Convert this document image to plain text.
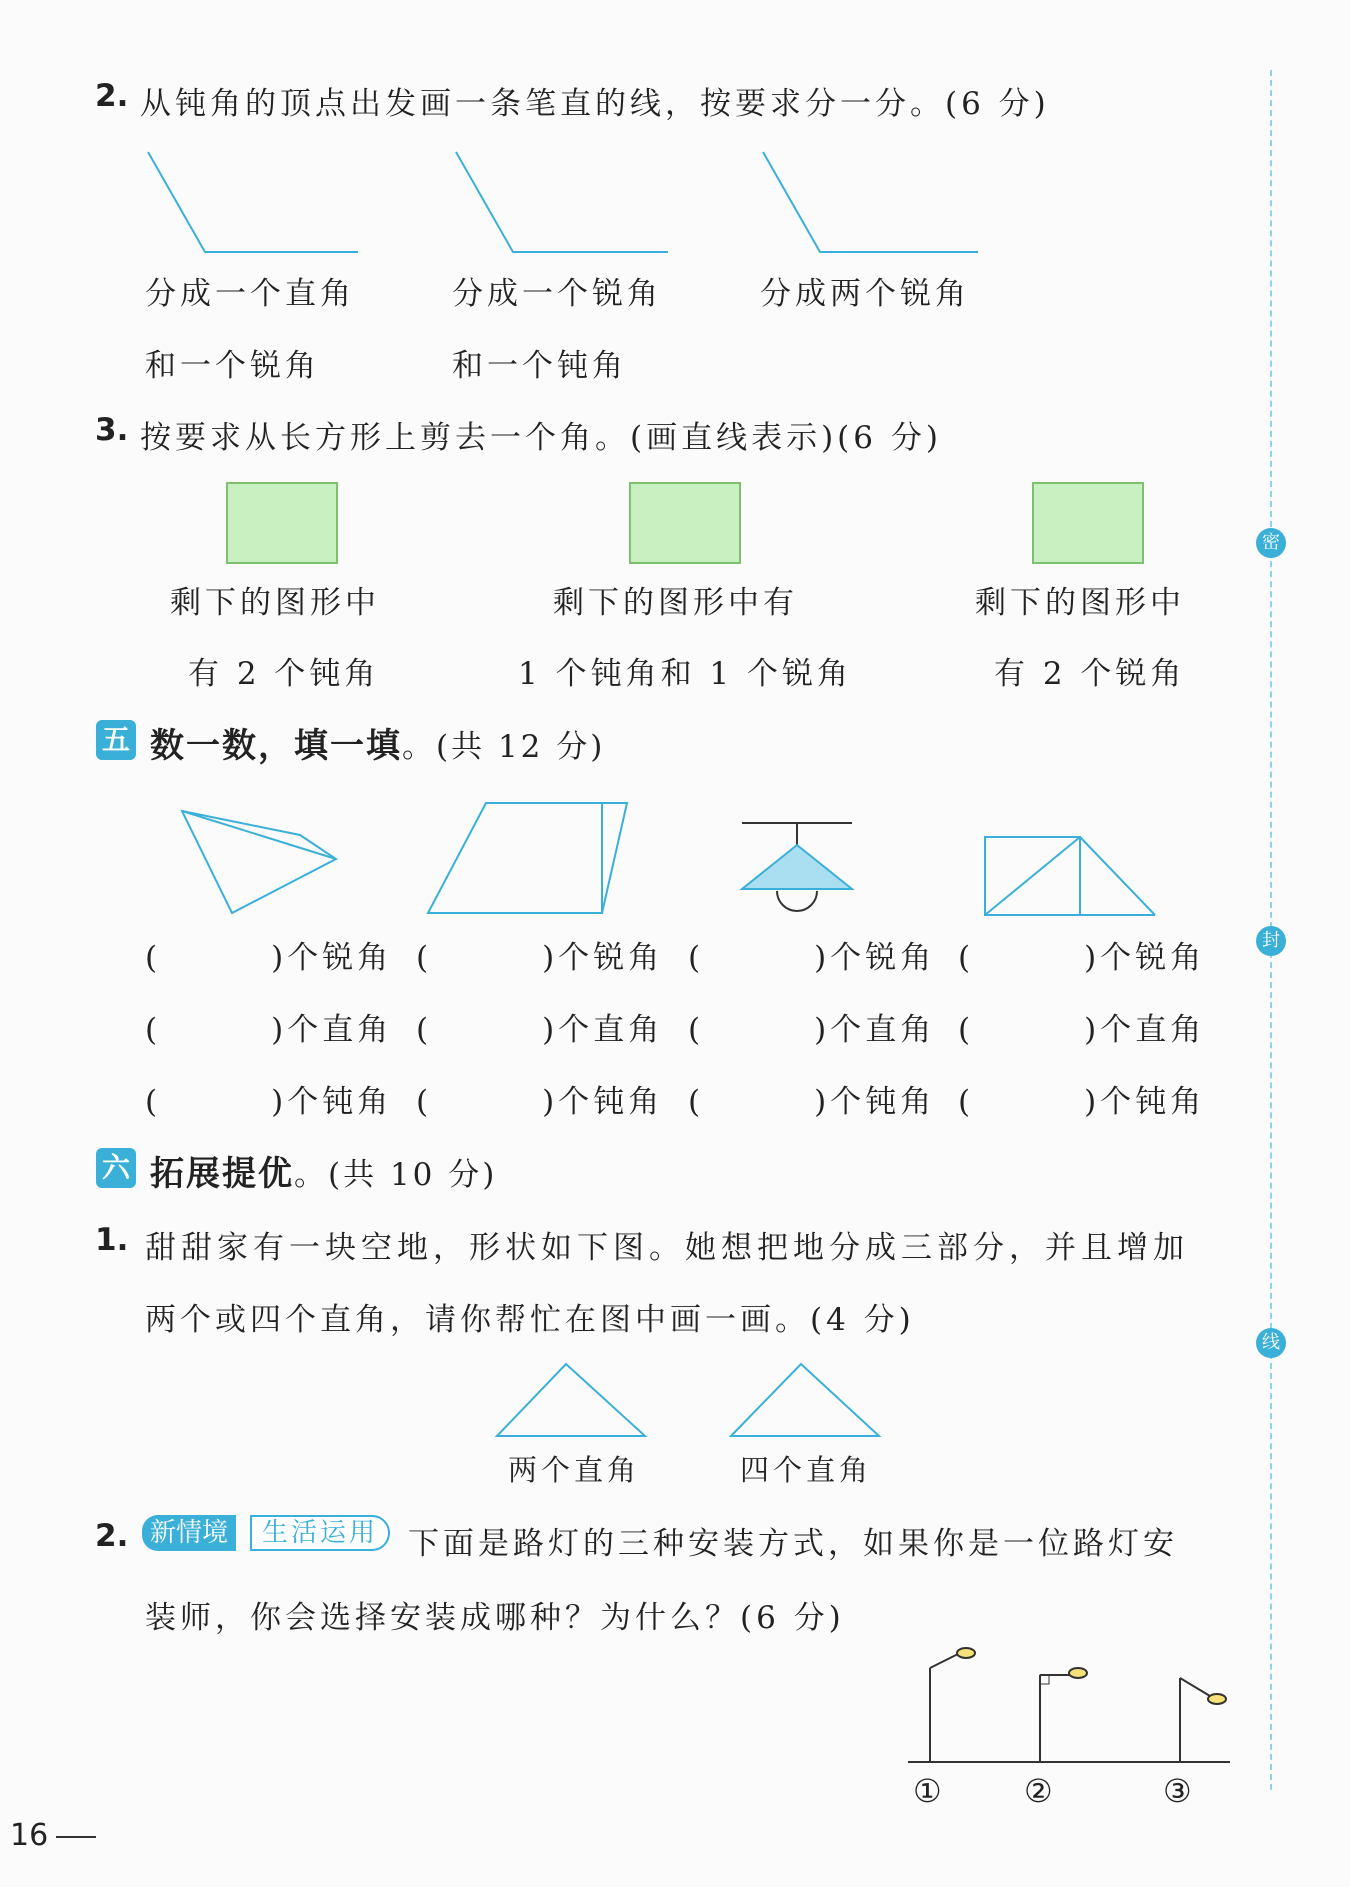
密
封
线
2. 从钝角的顶点出发画一条笔直的线，按要求分一分。(6 分)
分成一个直角
和一个锐角
分成一个锐角
和一个钝角
分成两个锐角
3. 按要求从长方形上剪去一个角。(画直线表示)(6 分)
剩下的图形中
有 2 个钝角
剩下的图形中有
1 个钝角和 1 个锐角
剩下的图形中
有 2 个锐角
五 数一数，填一填。(共 12 分)
(	)个锐角 (	)个锐角 (	)个锐角 (	)个锐角
(	)个直角 (	)个直角 (	)个直角 (	)个直角
(	)个钝角 (	)个钝角 (	)个钝角 (	)个钝角
六 拓展提优。(共 10 分)
1. 甜甜家有一块空地，形状如下图。她想把地分成三部分，并且增加
两个或四个直角，请你帮忙在图中画一画。(4 分)
两个直角	四个直角
2. 新情境	生活运用 下面是路灯的三种安装方式，如果你是一位路灯安
装师，你会选择安装成哪种？为什么？(6 分)
①	②	③
16
